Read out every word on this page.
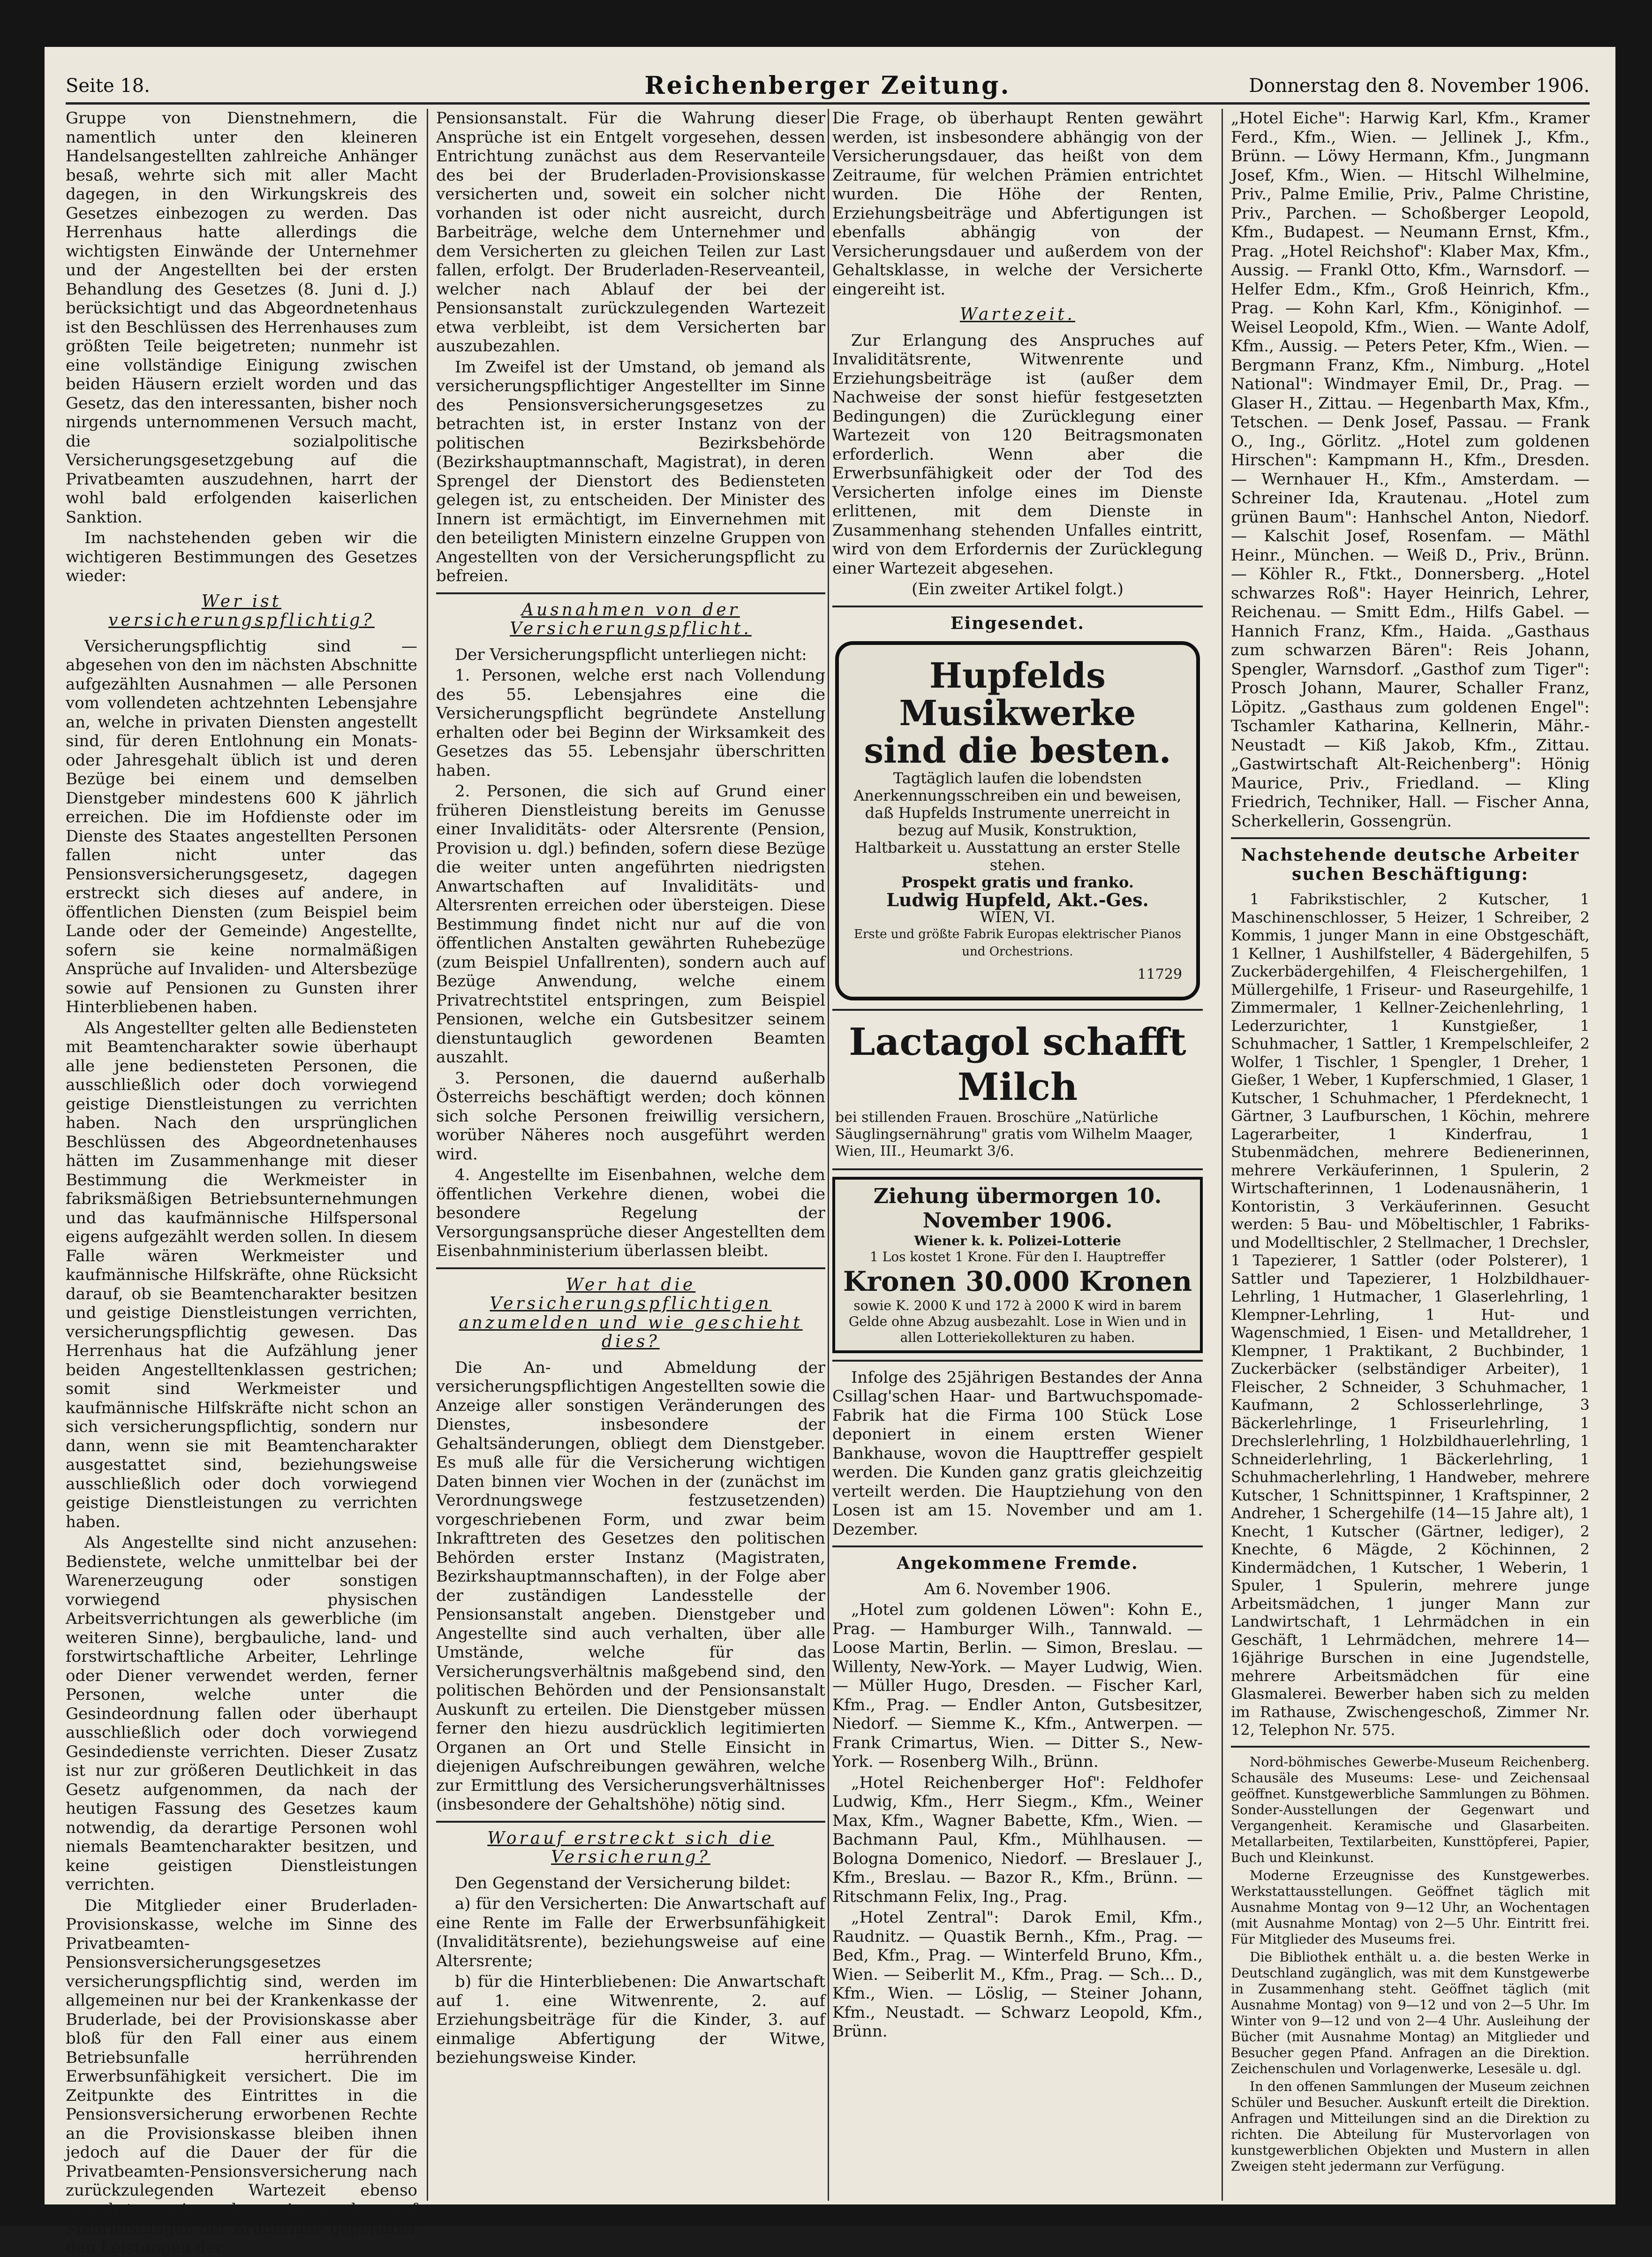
Seite 18.	Reichenberger Zeitung.	Donnerstag den 8. November 1906.

Gruppe von Dienstnehmern, die namentlich unter den kleineren Handelsangestellten zahlreiche Anhänger besaß, wehrte sich mit aller Macht dagegen, in den Wirkungskreis des Gesetzes einbezogen zu werden. Das Herrenhaus hatte allerdings die wichtigsten Einwände der Unternehmer und der Angestellten bei der ersten Behandlung des Gesetzes (8. Juni d. J.) berücksichtigt und das Abgeordnetenhaus ist den Beschlüssen des Herrenhauses zum größten Teile beigetreten; nunmehr ist eine vollständige Einigung zwischen beiden Häusern erzielt worden und das Gesetz, das den interessanten, bisher noch nirgends unternommenen Versuch macht, die sozialpolitische Versicherungsgesetzgebung auf die Privatbeamten auszudehnen, harrt der wohl bald erfolgenden kaiserlichen Sanktion.

Im nachstehenden geben wir die wichtigeren Bestimmungen des Gesetzes wieder:

Wer ist versicherungspflichtig?

Versicherungspflichtig sind — abgesehen von den im nächsten Abschnitte aufgezählten Ausnahmen — alle Personen vom vollendeten achtzehnten Lebensjahre an, welche in privaten Diensten angestellt sind, für deren Entlohnung ein Monats- oder Jahresgehalt üblich ist und deren Bezüge bei einem und demselben Dienstgeber mindestens 600 K jährlich erreichen. Die im Hofdienste oder im Dienste des Staates angestellten Personen fallen nicht unter das Pensionsversicherungsgesetz, dagegen erstreckt sich dieses auf andere, in öffentlichen Diensten (zum Beispiel beim Lande oder der Gemeinde) Angestellte, sofern sie keine normalmäßigen Ansprüche auf Invaliden- und Altersbezüge sowie auf Pensionen zu Gunsten ihrer Hinterbliebenen haben.

Als Angestellter gelten alle Bediensteten mit Beamtencharakter sowie überhaupt alle jene bediensteten Personen, die ausschließlich oder doch vorwiegend geistige Dienstleistungen zu verrichten haben. Nach den ursprünglichen Beschlüssen des Abgeordnetenhauses hätten im Zusammenhange mit dieser Bestimmung die Werkmeister in fabriksmäßigen Betriebsunternehmungen und das kaufmännische Hilfspersonal eigens aufgezählt werden sollen. In diesem Falle wären Werkmeister und kaufmännische Hilfskräfte, ohne Rücksicht darauf, ob sie Beamtencharakter besitzen und geistige Dienstleistungen verrichten, versicherungspflichtig gewesen. Das Herrenhaus hat die Aufzählung jener beiden Angestelltenklassen gestrichen; somit sind Werkmeister und kaufmännische Hilfskräfte nicht schon an sich versicherungspflichtig, sondern nur dann, wenn sie mit Beamtencharakter ausgestattet sind, beziehungsweise ausschließlich oder doch vorwiegend geistige Dienstleistungen zu verrichten haben.

Als Angestellte sind nicht anzusehen: Bedienstete, welche unmittelbar bei der Warenerzeugung oder sonstigen vorwiegend physischen Arbeitsverrichtungen als gewerbliche (im weiteren Sinne), bergbauliche, land- und forstwirtschaftliche Arbeiter, Lehrlinge oder Diener verwendet werden, ferner Personen, welche unter die Gesindeordnung fallen oder überhaupt ausschließlich oder doch vorwiegend Gesindedienste verrichten. Dieser Zusatz ist nur zur größeren Deutlichkeit in das Gesetz aufgenommen, da nach der heutigen Fassung des Gesetzes kaum notwendig, da derartige Personen wohl niemals Beamtencharakter besitzen, und keine geistigen Dienstleistungen verrichten.

Die Mitglieder einer Bruderladen-Provisionskasse, welche im Sinne des Privatbeamten-Pensionsversicherungsgesetzes versicherungspflichtig sind, werden im allgemeinen nur bei der Krankenkasse der Bruderlade, bei der Provisionskasse aber bloß für den Fall einer aus einem Betriebsunfalle herrührenden Erwerbsunfähigkeit versichert. Die im Zeitpunkte des Eintrittes in die Pensionsversicherung erworbenen Rechte an die Provisionskasse bleiben ihnen jedoch auf die Dauer der für die Privatbeamten-Pensionsversicherung nach zurückzulegenden Wartezeit ebenso gewahrt, wie der Anspruch auf Mehrleistungen der Bruderlade gegenüber den Leistungen der

Pensionsanstalt. Für die Wahrung dieser Ansprüche ist ein Entgelt vorgesehen, dessen Entrichtung zunächst aus dem Reservanteile des bei der Bruderladen-Provisionskasse versicherten und, soweit ein solcher nicht vorhanden ist oder nicht ausreicht, durch Barbeiträge, welche dem Unternehmer und dem Versicherten zu gleichen Teilen zur Last fallen, erfolgt. Der Bruderladen-Reserveanteil, welcher nach Ablauf der bei der Pensionsanstalt zurückzulegenden Wartezeit etwa verbleibt, ist dem Versicherten bar auszubezahlen.

Im Zweifel ist der Umstand, ob jemand als versicherungspflichtiger Angestellter im Sinne des Pensionsversicherungsgesetzes zu betrachten ist, in erster Instanz von der politischen Bezirksbehörde (Bezirkshauptmannschaft, Magistrat), in deren Sprengel der Dienstort des Bediensteten gelegen ist, zu entscheiden. Der Minister des Innern ist ermächtigt, im Einvernehmen mit den beteiligten Ministern einzelne Gruppen von Angestellten von der Versicherungspflicht zu befreien.

Ausnahmen von der Versicherungspflicht.

Der Versicherungspflicht unterliegen nicht:

1. Personen, welche erst nach Vollendung des 55. Lebensjahres eine die Versicherungspflicht begründete Anstellung erhalten oder bei Beginn der Wirksamkeit des Gesetzes das 55. Lebensjahr überschritten haben.

2. Personen, die sich auf Grund einer früheren Dienstleistung bereits im Genusse einer Invaliditäts- oder Altersrente (Pension, Provision u. dgl.) befinden, sofern diese Bezüge die weiter unten angeführten niedrigsten Anwartschaften auf Invaliditäts- und Altersrenten erreichen oder übersteigen. Diese Bestimmung findet nicht nur auf die von öffentlichen Anstalten gewährten Ruhebezüge (zum Beispiel Unfallrenten), sondern auch auf Bezüge Anwendung, welche einem Privatrechtstitel entspringen, zum Beispiel Pensionen, welche ein Gutsbesitzer seinem dienstuntauglich gewordenen Beamten auszahlt.

3. Personen, die dauernd außerhalb Österreichs beschäftigt werden; doch können sich solche Personen freiwillig versichern, worüber Näheres noch ausgeführt werden wird.

4. Angestellte im Eisenbahnen, welche dem öffentlichen Verkehre dienen, wobei die besondere Regelung der Versorgungsansprüche dieser Angestellten dem Eisenbahnministerium überlassen bleibt.

Wer hat die Versicherungspflichtigen anzumelden und wie geschieht dies?

Die An- und Abmeldung der versicherungspflichtigen Angestellten sowie die Anzeige aller sonstigen Veränderungen des Dienstes, insbesondere der Gehaltsänderungen, obliegt dem Dienstgeber. Es muß alle für die Versicherung wichtigen Daten binnen vier Wochen in der (zunächst im Verordnungswege festzusetzenden) vorgeschriebenen Form, und zwar beim Inkrafttreten des Gesetzes den politischen Behörden erster Instanz (Magistraten, Bezirkshauptmannschaften), in der Folge aber der zuständigen Landesstelle der Pensionsanstalt angeben. Dienstgeber und Angestellte sind auch verhalten, über alle Umstände, welche für das Versicherungsverhältnis maßgebend sind, den politischen Behörden und der Pensionsanstalt Auskunft zu erteilen. Die Dienstgeber müssen ferner den hiezu ausdrücklich legitimierten Organen an Ort und Stelle Einsicht in diejenigen Aufschreibungen gewähren, welche zur Ermittlung des Versicherungsverhältnisses (insbesondere der Gehaltshöhe) nötig sind.

Worauf erstreckt sich die Versicherung?

Den Gegenstand der Versicherung bildet:

a) für den Versicherten: Die Anwartschaft auf eine Rente im Falle der Erwerbsunfähigkeit (Invaliditätsrente), beziehungsweise auf eine Altersrente;

b) für die Hinterbliebenen: Die Anwartschaft auf 1. eine Witwenrente, 2. auf Erziehungsbeiträge für die Kinder, 3. auf einmalige Abfertigung der Witwe, beziehungsweise Kinder.

Die Frage, ob überhaupt Renten gewährt werden, ist insbesondere abhängig von der Versicherungsdauer, das heißt von dem Zeitraume, für welchen Prämien entrichtet wurden. Die Höhe der Renten, Erziehungsbeiträge und Abfertigungen ist ebenfalls abhängig von der Versicherungsdauer und außerdem von der Gehaltsklasse, in welche der Versicherte eingereiht ist.

Wartezeit.

Zur Erlangung des Anspruches auf Invaliditätsrente, Witwenrente und Erziehungsbeiträge ist (außer dem Nachweise der sonst hiefür festgesetzten Bedingungen) die Zurücklegung einer Wartezeit von 120 Beitragsmonaten erforderlich. Wenn aber die Erwerbsunfähigkeit oder der Tod des Versicherten infolge eines im Dienste erlittenen, mit dem Dienste in Zusammenhang stehenden Unfalles eintritt, wird von dem Erfordernis der Zurücklegung einer Wartezeit abgesehen.

(Ein zweiter Artikel folgt.)

Eingesendet.
Hupfelds Musikwerke
sind die besten.
Tagtäglich laufen die lobendsten Anerkennungsschreiben ein und beweisen, daß Hupfelds Instrumente unerreicht in bezug auf Musik, Konstruktion, Haltbarkeit u. Ausstattung an erster Stelle stehen.
Prospekt gratis und franko.
Ludwig Hupfeld, Akt.-Ges.
WIEN, VI.
Erste und größte Fabrik Europas elektrischer Pianos und Orchestrions.
11729
Lactagol schafft Milch
bei stillenden Frauen. Broschüre „Natürliche Säuglingsernährung" gratis vom Wilhelm Maager, Wien, III., Heumarkt 3/6.
Ziehung übermorgen 10. November 1906.
Wiener k. k. Polizei-Lotterie
1 Los kostet 1 Krone. Für den I. Hauptreffer
Kronen 30.000 Kronen
sowie K. 2000 K und 172 à 2000 K wird in barem Gelde ohne Abzug ausbezahlt. Lose in Wien und in allen Lotteriekollekturen zu haben.

Infolge des 25jährigen Bestandes der Anna Csillag'schen Haar- und Bartwuchspomade-Fabrik hat die Firma 100 Stück Lose deponiert in einem ersten Wiener Bankhause, wovon die Haupttreffer gespielt werden. Die Kunden ganz gratis gleichzeitig verteilt werden. Die Hauptziehung von den Losen ist am 15. November und am 1. Dezember.

Angekommene Fremde.

Am 6. November 1906.

„Hotel zum goldenen Löwen": Kohn E., Prag. — Hamburger Wilh., Tannwald. — Loose Martin, Berlin. — Simon, Breslau. — Willenty, New-York. — Mayer Ludwig, Wien. — Müller Hugo, Dresden. — Fischer Karl, Kfm., Prag. — Endler Anton, Gutsbesitzer, Niedorf. — Siemme K., Kfm., Antwerpen. — Frank Crimartus, Wien. — Ditter S., New-York. — Rosenberg Wilh., Brünn.

„Hotel Reichenberger Hof": Feldhofer Ludwig, Kfm., Herr Siegm., Kfm., Weiner Max, Kfm., Wagner Babette, Kfm., Wien. — Bachmann Paul, Kfm., Mühlhausen. — Bologna Domenico, Niedorf. — Breslauer J., Kfm., Breslau. — Bazor R., Kfm., Brünn. — Ritschmann Felix, Ing., Prag.

„Hotel Zentral": Darok Emil, Kfm., Raudnitz. — Quastik Bernh., Kfm., Prag. — Bed, Kfm., Prag. — Winterfeld Bruno, Kfm., Wien. — Seiberlit M., Kfm., Prag. — Sch... D., Kfm., Wien. — Löslig, — Steiner Johann, Kfm., Neustadt. — Schwarz Leopold, Kfm., Brünn.

„Hotel Eiche": Harwig Karl, Kfm., Kramer Ferd., Kfm., Wien. — Jellinek J., Kfm., Brünn. — Löwy Hermann, Kfm., Jungmann Josef, Kfm., Wien. — Hitschl Wilhelmine, Priv., Palme Emilie, Priv., Palme Christine, Priv., Parchen. — Schoßberger Leopold, Kfm., Budapest. — Neumann Ernst, Kfm., Prag. „Hotel Reichshof": Klaber Max, Kfm., Aussig. — Frankl Otto, Kfm., Warnsdorf. — Helfer Edm., Kfm., Groß Heinrich, Kfm., Prag. — Kohn Karl, Kfm., Königinhof. — Weisel Leopold, Kfm., Wien. — Wante Adolf, Kfm., Aussig. — Peters Peter, Kfm., Wien. — Bergmann Franz, Kfm., Nimburg. „Hotel National": Windmayer Emil, Dr., Prag. — Glaser H., Zittau. — Hegenbarth Max, Kfm., Tetschen. — Denk Josef, Passau. — Frank O., Ing., Görlitz. „Hotel zum goldenen Hirschen": Kampmann H., Kfm., Dresden. — Wernhauer H., Kfm., Amsterdam. — Schreiner Ida, Krautenau. „Hotel zum grünen Baum": Hanhschel Anton, Niedorf. — Kalschit Josef, Rosenfam. — Mäthl Heinr., München. — Weiß D., Priv., Brünn. — Köhler R., Ftkt., Donnersberg. „Hotel schwarzes Roß": Hayer Heinrich, Lehrer, Reichenau. — Smitt Edm., Hilfs Gabel. — Hannich Franz, Kfm., Haida. „Gasthaus zum schwarzen Bären": Reis Johann, Spengler, Warnsdorf. „Gasthof zum Tiger": Prosch Johann, Maurer, Schaller Franz, Löpitz. „Gasthaus zum goldenen Engel": Tschamler Katharina, Kellnerin, Mähr.-Neustadt — Kiß Jakob, Kfm., Zittau. „Gastwirtschaft Alt-Reichenberg": Hönig Maurice, Priv., Friedland. — Kling Friedrich, Techniker, Hall. — Fischer Anna, Scherkellerin, Gossengrün.

Nachstehende deutsche Arbeiter suchen Beschäftigung:

1 Fabrikstischler, 2 Kutscher, 1 Maschinenschlosser, 5 Heizer, 1 Schreiber, 2 Kommis, 1 junger Mann in eine Obstgeschäft, 1 Kellner, 1 Aushilfsteller, 4 Bädergehilfen, 5 Zuckerbädergehilfen, 4 Fleischergehilfen, 1 Müllergehilfe, 1 Friseur- und Raseurgehilfe, 1 Zimmermaler, 1 Kellner-Zeichenlehrling, 1 Lederzurichter, 1 Kunstgießer, 1 Schuhmacher, 1 Sattler, 1 Krempelschleifer, 2 Wolfer, 1 Tischler, 1 Spengler, 1 Dreher, 1 Gießer, 1 Weber, 1 Kupferschmied, 1 Glaser, 1 Kutscher, 1 Schuhmacher, 1 Pferdeknecht, 1 Gärtner, 3 Laufburschen, 1 Köchin, mehrere Lagerarbeiter, 1 Kinderfrau, 1 Stubenmädchen, mehrere Bedienerinnen, mehrere Verkäuferinnen, 1 Spulerin, 2 Wirtschafterinnen, 1 Lodenausnäherin, 1 Kontoristin, 3 Verkäuferinnen. Gesucht werden: 5 Bau- und Möbeltischler, 1 Fabriks- und Modelltischler, 2 Stellmacher, 1 Drechsler, 1 Tapezierer, 1 Sattler (oder Polsterer), 1 Sattler und Tapezierer, 1 Holzbildhauer-Lehrling, 1 Hutmacher, 1 Glaserlehrling, 1 Klempner-Lehrling, 1 Hut- und Wagenschmied, 1 Eisen- und Metalldreher, 1 Klempner, 1 Praktikant, 2 Buchbinder, 1 Zuckerbäcker (selbständiger Arbeiter), 1 Fleischer, 2 Schneider, 3 Schuhmacher, 1 Kaufmann, 2 Schlosserlehrlinge, 3 Bäckerlehrlinge, 1 Friseurlehrling, 1 Drechslerlehrling, 1 Holzbildhauerlehrling, 1 Schneiderlehrling, 1 Bäckerlehrling, 1 Schuhmacherlehrling, 1 Handweber, mehrere Kutscher, 1 Schnittspinner, 1 Kraftspinner, 2 Andreher, 1 Schergehilfe (14—15 Jahre alt), 1 Knecht, 1 Kutscher (Gärtner, lediger), 2 Knechte, 6 Mägde, 2 Köchinnen, 2 Kindermädchen, 1 Kutscher, 1 Weberin, 1 Spuler, 1 Spulerin, mehrere junge Arbeitsmädchen, 1 junger Mann zur Landwirtschaft, 1 Lehrmädchen in ein Geschäft, 1 Lehrmädchen, mehrere 14—16jährige Burschen in eine Jugendstelle, mehrere Arbeitsmädchen für eine Glasmalerei. Bewerber haben sich zu melden im Rathause, Zwischengeschoß, Zimmer Nr. 12, Telephon Nr. 575.

Nord-böhmisches Gewerbe-Museum Reichenberg. Schausäle des Museums: Lese- und Zeichensaal geöffnet. Kunstgewerbliche Sammlungen zu Böhmen. Sonder-Ausstellungen der Gegenwart und Vergangenheit. Keramische und Glasarbeiten. Metallarbeiten, Textilarbeiten, Kunsttöpferei, Papier, Buch und Kleinkunst.

Moderne Erzeugnisse des Kunstgewerbes. Werkstattausstellungen. Geöffnet täglich mit Ausnahme Montag von 9—12 Uhr, an Wochentagen (mit Ausnahme Montag) von 2—5 Uhr. Eintritt frei. Für Mitglieder des Museums frei.

Die Bibliothek enthält u. a. die besten Werke in Deutschland zugänglich, was mit dem Kunstgewerbe in Zusammenhang steht. Geöffnet täglich (mit Ausnahme Montag) von 9—12 und von 2—5 Uhr. Im Winter von 9—12 und von 2—4 Uhr. Ausleihung der Bücher (mit Ausnahme Montag) an Mitglieder und Besucher gegen Pfand. Anfragen an die Direktion. Zeichenschulen und Vorlagenwerke, Lesesäle u. dgl.

In den offenen Sammlungen der Museum zeichnen Schüler und Besucher. Auskunft erteilt die Direktion. Anfragen und Mitteilungen sind an die Direktion zu richten. Die Abteilung für Mustervorlagen von kunstgewerblichen Objekten und Mustern in allen Zweigen steht jedermann zur Verfügung.
